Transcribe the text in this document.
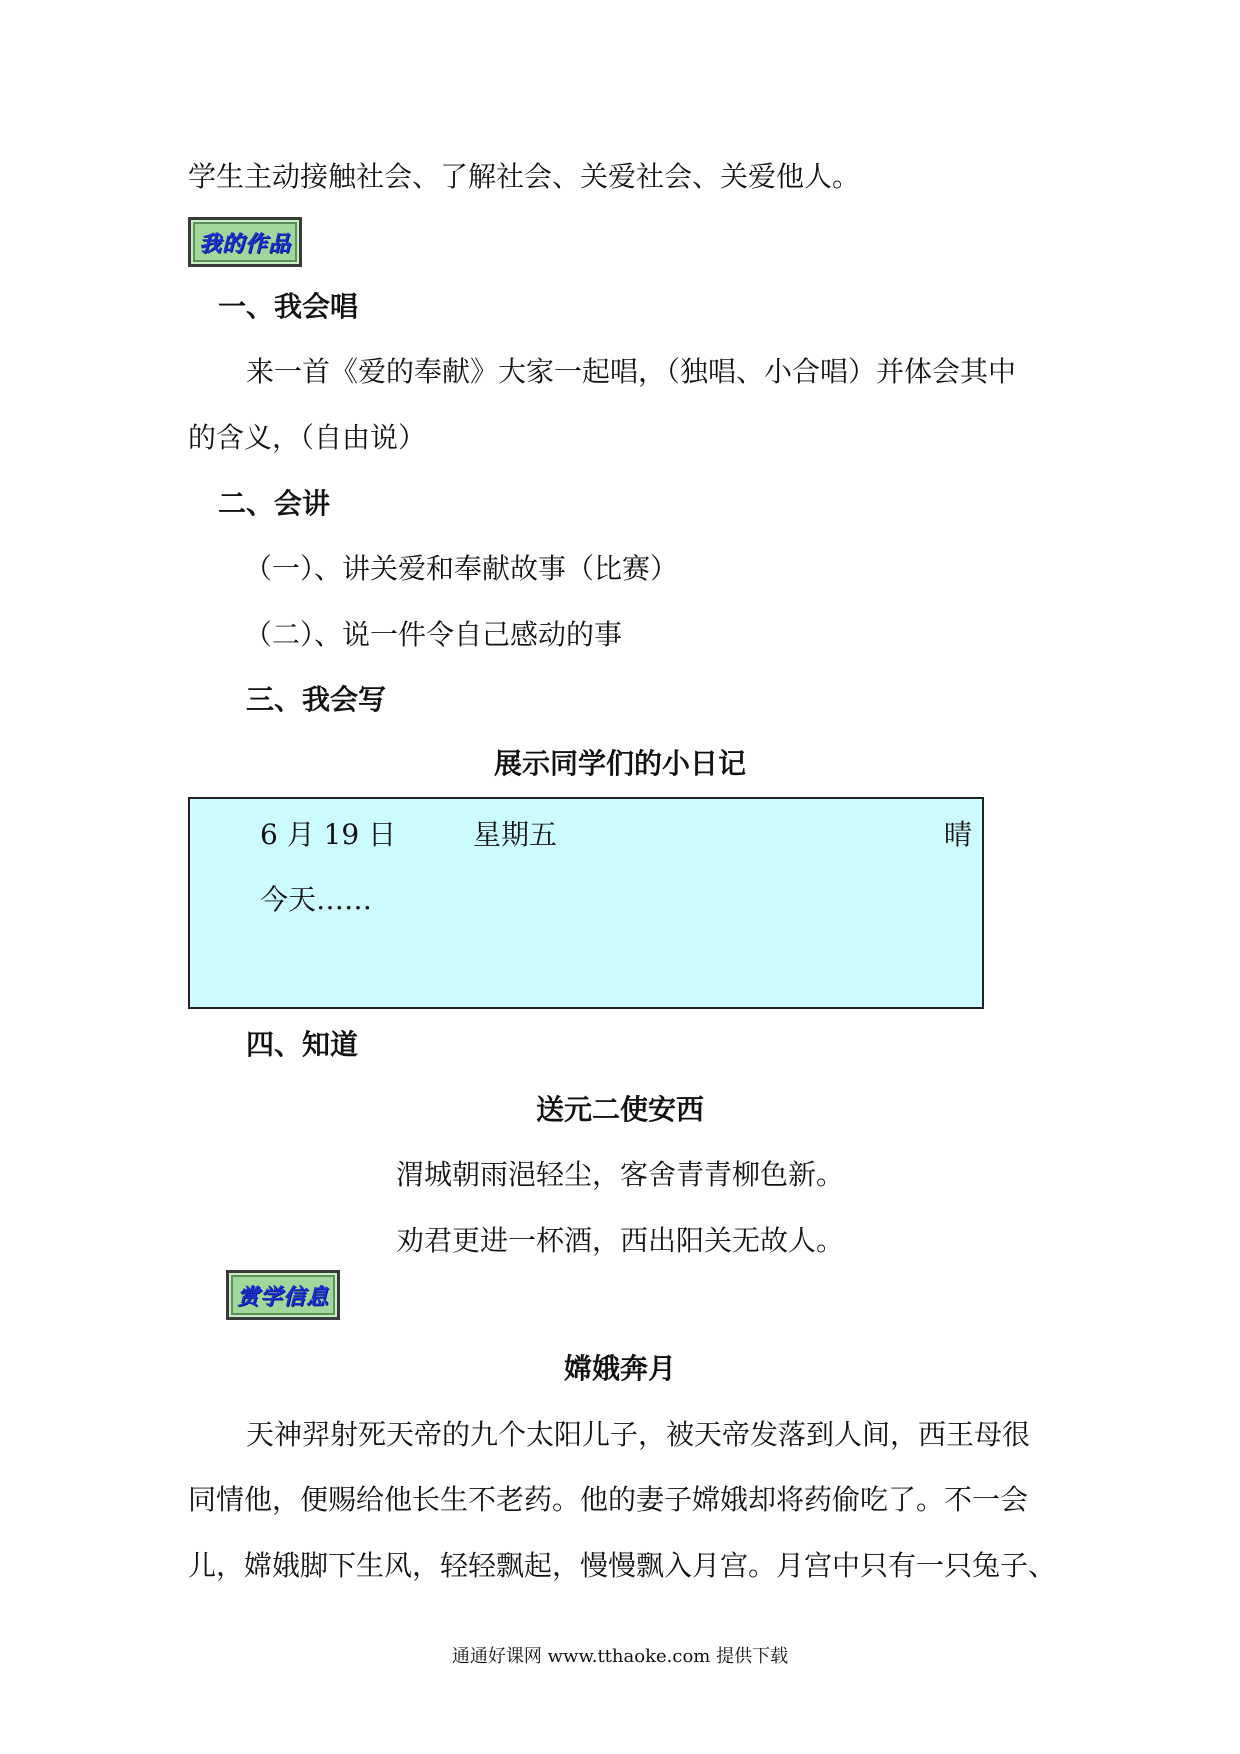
学生主动接触社会、了解社会、关爱社会、关爱他人。
我的作品
一、我会唱
来一首《爱的奉献》大家一起唱，（独唱、小合唱）并体会其中
的含义，（自由说）
二、会讲
（一）、讲关爱和奉献故事（比赛）
（二）、说一件令自己感动的事
三、我会写
展示同学们的小日记
6 月 19 日	星期五	晴
今天……
四、知道
送元二使安西
渭城朝雨浥轻尘，客舍青青柳色新。
劝君更进一杯酒，西出阳关无故人。
赏学信息
嫦娥奔月
天神羿射死天帝的九个太阳儿子，被天帝发落到人间，西王母很
同情他，便赐给他长生不老药。他的妻子嫦娥却将药偷吃了。不一会
儿，嫦娥脚下生风，轻轻飘起，慢慢飘入月宫。月宫中只有一只兔子、
通通好课网 www.tthaoke.com 提供下载
